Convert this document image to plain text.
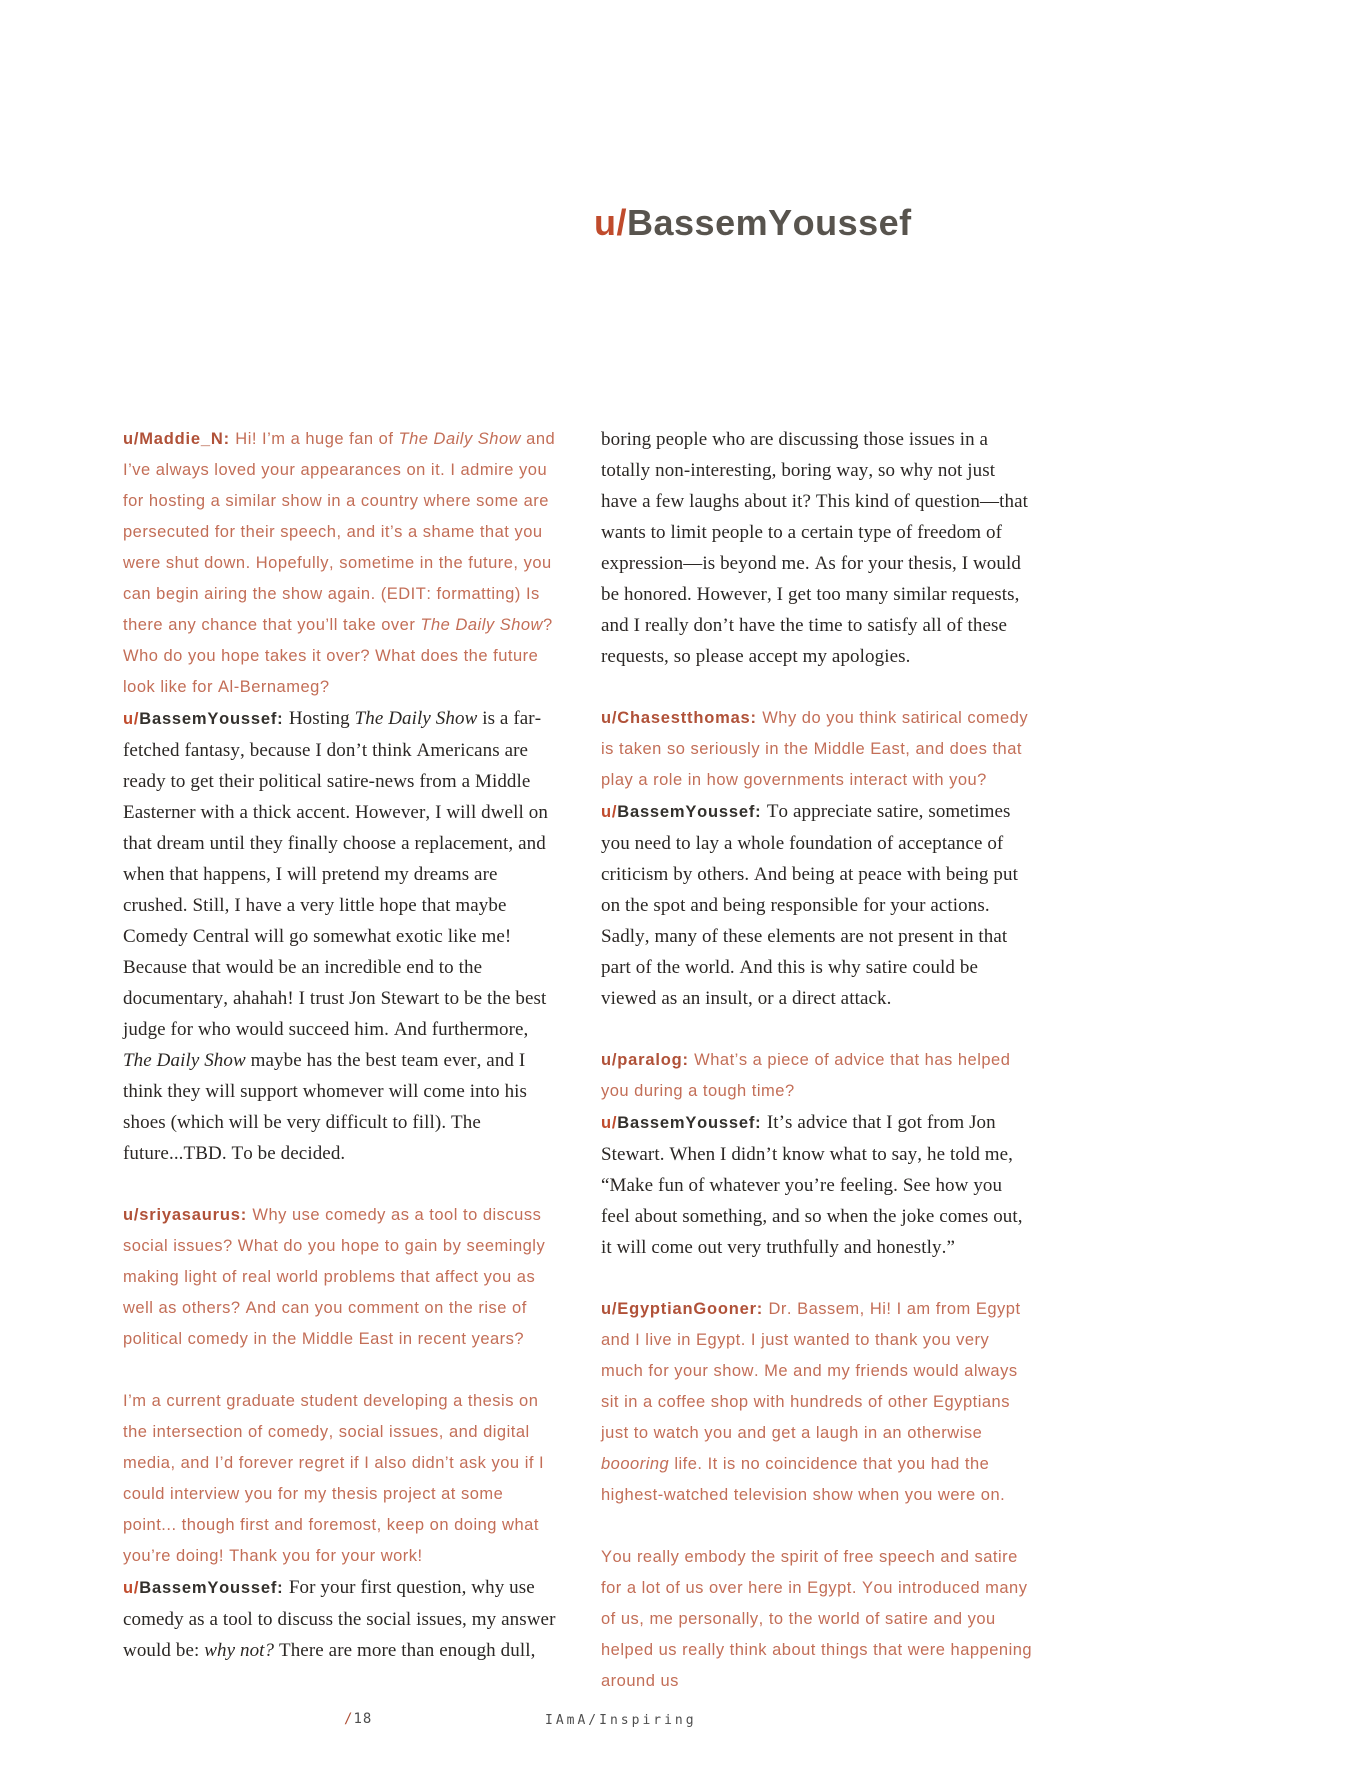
u/BassemYoussef

u/Maddie_N: Hi! I’m a huge fan of The Daily Show and I’ve always loved your appearances on it. I admire you for hosting a similar show in a country where some are persecuted for their speech, and it’s a shame that you were shut down. Hopefully, sometime in the future, you can begin airing the show again. (EDIT: formatting) Is there any chance that you’ll take over The Daily Show? Who do you hope takes it over? What does the future look like for Al-Bernameg?

u/BassemYoussef: Hosting The Daily Show is a far-fetched fantasy, because I don’t think Americans are ready to get their political satire-news from a Middle Easterner with a thick accent. However, I will dwell on that dream until they finally choose a replacement, and when that happens, I will pretend my dreams are crushed. Still, I have a very little hope that maybe Comedy Central will go somewhat exotic like me! Because that would be an incredible end to the documentary, ahahah! I trust Jon Stewart to be the best judge for who would succeed him. And furthermore, The Daily Show maybe has the best team ever, and I think they will support whomever will come into his shoes (which will be very difficult to fill). The future...TBD. To be decided.

u/sriyasaurus: Why use comedy as a tool to discuss social issues? What do you hope to gain by seemingly making light of real world problems that affect you as well as others? And can you comment on the rise of political comedy in the Middle East in recent years?

I’m a current graduate student developing a thesis on the intersection of comedy, social issues, and digital media, and I’d forever regret if I also didn’t ask you if I could interview you for my thesis project at some point... though first and foremost, keep on doing what you’re doing! Thank you for your work!

u/BassemYoussef: For your first question, why use comedy as a tool to discuss the social issues, my answer would be: why not? There are more than enough dull,

boring people who are discussing those issues in a totally non-interesting, boring way, so why not just have a few laughs about it? This kind of question—that wants to limit people to a certain type of freedom of expression—is beyond me. As for your thesis, I would be honored. However, I get too many similar requests, and I really don’t have the time to satisfy all of these requests, so please accept my apologies.

u/Chasestthomas: Why do you think satirical comedy is taken so seriously in the Middle East, and does that play a role in how governments interact with you?

u/BassemYoussef: To appreciate satire, sometimes you need to lay a whole foundation of acceptance of criticism by others. And being at peace with being put on the spot and being responsible for your actions. Sadly, many of these elements are not present in that part of the world. And this is why satire could be viewed as an insult, or a direct attack.

u/paralog: What’s a piece of advice that has helped you during a tough time?

u/BassemYoussef: It’s advice that I got from Jon Stewart. When I didn’t know what to say, he told me, “Make fun of whatever you’re feeling. See how you feel about something, and so when the joke comes out, it will come out very truthfully and honestly.”

u/EgyptianGooner: Dr. Bassem, Hi! I am from Egypt and I live in Egypt. I just wanted to thank you very much for your show. Me and my friends would always sit in a coffee shop with hundreds of other Egyptians just to watch you and get a laugh in an otherwise boooring life. It is no coincidence that you had the highest-watched television show when you were on.

You really embody the spirit of free speech and satire for a lot of us over here in Egypt. You introduced many of us, me personally, to the world of satire and you helped us really think about things that were happening around us

/18	IAmA/Inspiring
